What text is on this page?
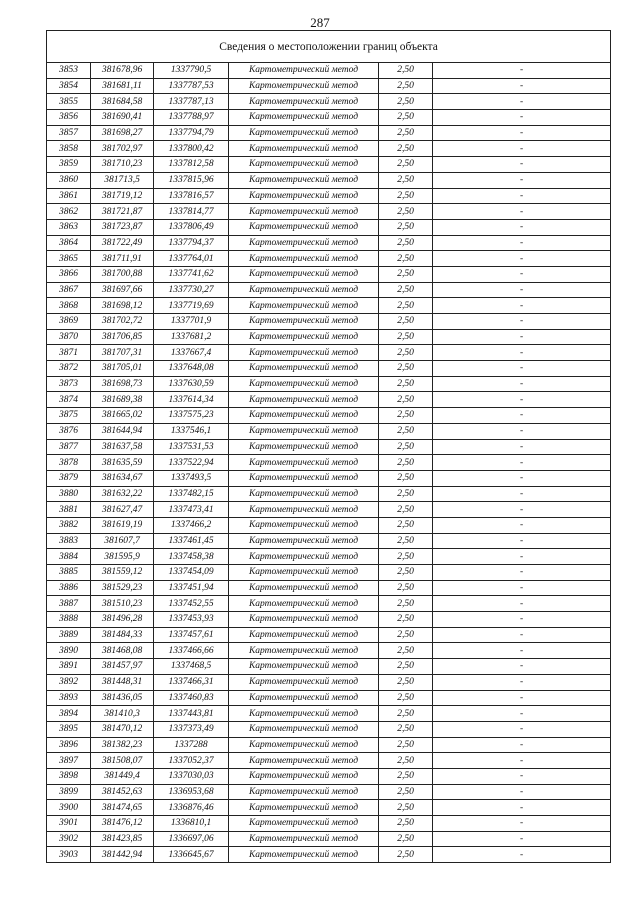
287
Сведения о местоположении границ объекта					
3853	381678,96	1337790,5	Картометрический метод	2,50	-
3854	381681,11	1337787,53	Картометрический метод	2,50	-
3855	381684,58	1337787,13	Картометрический метод	2,50	-
3856	381690,41	1337788,97	Картометрический метод	2,50	-
3857	381698,27	1337794,79	Картометрический метод	2,50	-
3858	381702,97	1337800,42	Картометрический метод	2,50	-
3859	381710,23	1337812,58	Картометрический метод	2,50	-
3860	381713,5	1337815,96	Картометрический метод	2,50	-
3861	381719,12	1337816,57	Картометрический метод	2,50	-
3862	381721,87	1337814,77	Картометрический метод	2,50	-
3863	381723,87	1337806,49	Картометрический метод	2,50	-
3864	381722,49	1337794,37	Картометрический метод	2,50	-
3865	381711,91	1337764,01	Картометрический метод	2,50	-
3866	381700,88	1337741,62	Картометрический метод	2,50	-
3867	381697,66	1337730,27	Картометрический метод	2,50	-
3868	381698,12	1337719,69	Картометрический метод	2,50	-
3869	381702,72	1337701,9	Картометрический метод	2,50	-
3870	381706,85	1337681,2	Картометрический метод	2,50	-
3871	381707,31	1337667,4	Картометрический метод	2,50	-
3872	381705,01	1337648,08	Картометрический метод	2,50	-
3873	381698,73	1337630,59	Картометрический метод	2,50	-
3874	381689,38	1337614,34	Картометрический метод	2,50	-
3875	381665,02	1337575,23	Картометрический метод	2,50	-
3876	381644,94	1337546,1	Картометрический метод	2,50	-
3877	381637,58	1337531,53	Картометрический метод	2,50	-
3878	381635,59	1337522,94	Картометрический метод	2,50	-
3879	381634,67	1337493,5	Картометрический метод	2,50	-
3880	381632,22	1337482,15	Картометрический метод	2,50	-
3881	381627,47	1337473,41	Картометрический метод	2,50	-
3882	381619,19	1337466,2	Картометрический метод	2,50	-
3883	381607,7	1337461,45	Картометрический метод	2,50	-
3884	381595,9	1337458,38	Картометрический метод	2,50	-
3885	381559,12	1337454,09	Картометрический метод	2,50	-
3886	381529,23	1337451,94	Картометрический метод	2,50	-
3887	381510,23	1337452,55	Картометрический метод	2,50	-
3888	381496,28	1337453,93	Картометрический метод	2,50	-
3889	381484,33	1337457,61	Картометрический метод	2,50	-
3890	381468,08	1337466,66	Картометрический метод	2,50	-
3891	381457,97	1337468,5	Картометрический метод	2,50	-
3892	381448,31	1337466,31	Картометрический метод	2,50	-
3893	381436,05	1337460,83	Картометрический метод	2,50	-
3894	381410,3	1337443,81	Картометрический метод	2,50	-
3895	381470,12	1337373,49	Картометрический метод	2,50	-
3896	381382,23	1337288	Картометрический метод	2,50	-
3897	381508,07	1337052,37	Картометрический метод	2,50	-
3898	381449,4	1337030,03	Картометрический метод	2,50	-
3899	381452,63	1336953,68	Картометрический метод	2,50	-
3900	381474,65	1336876,46	Картометрический метод	2,50	-
3901	381476,12	1336810,1	Картометрический метод	2,50	-
3902	381423,85	1336697,06	Картометрический метод	2,50	-
3903	381442,94	1336645,67	Картометрический метод	2,50	-
